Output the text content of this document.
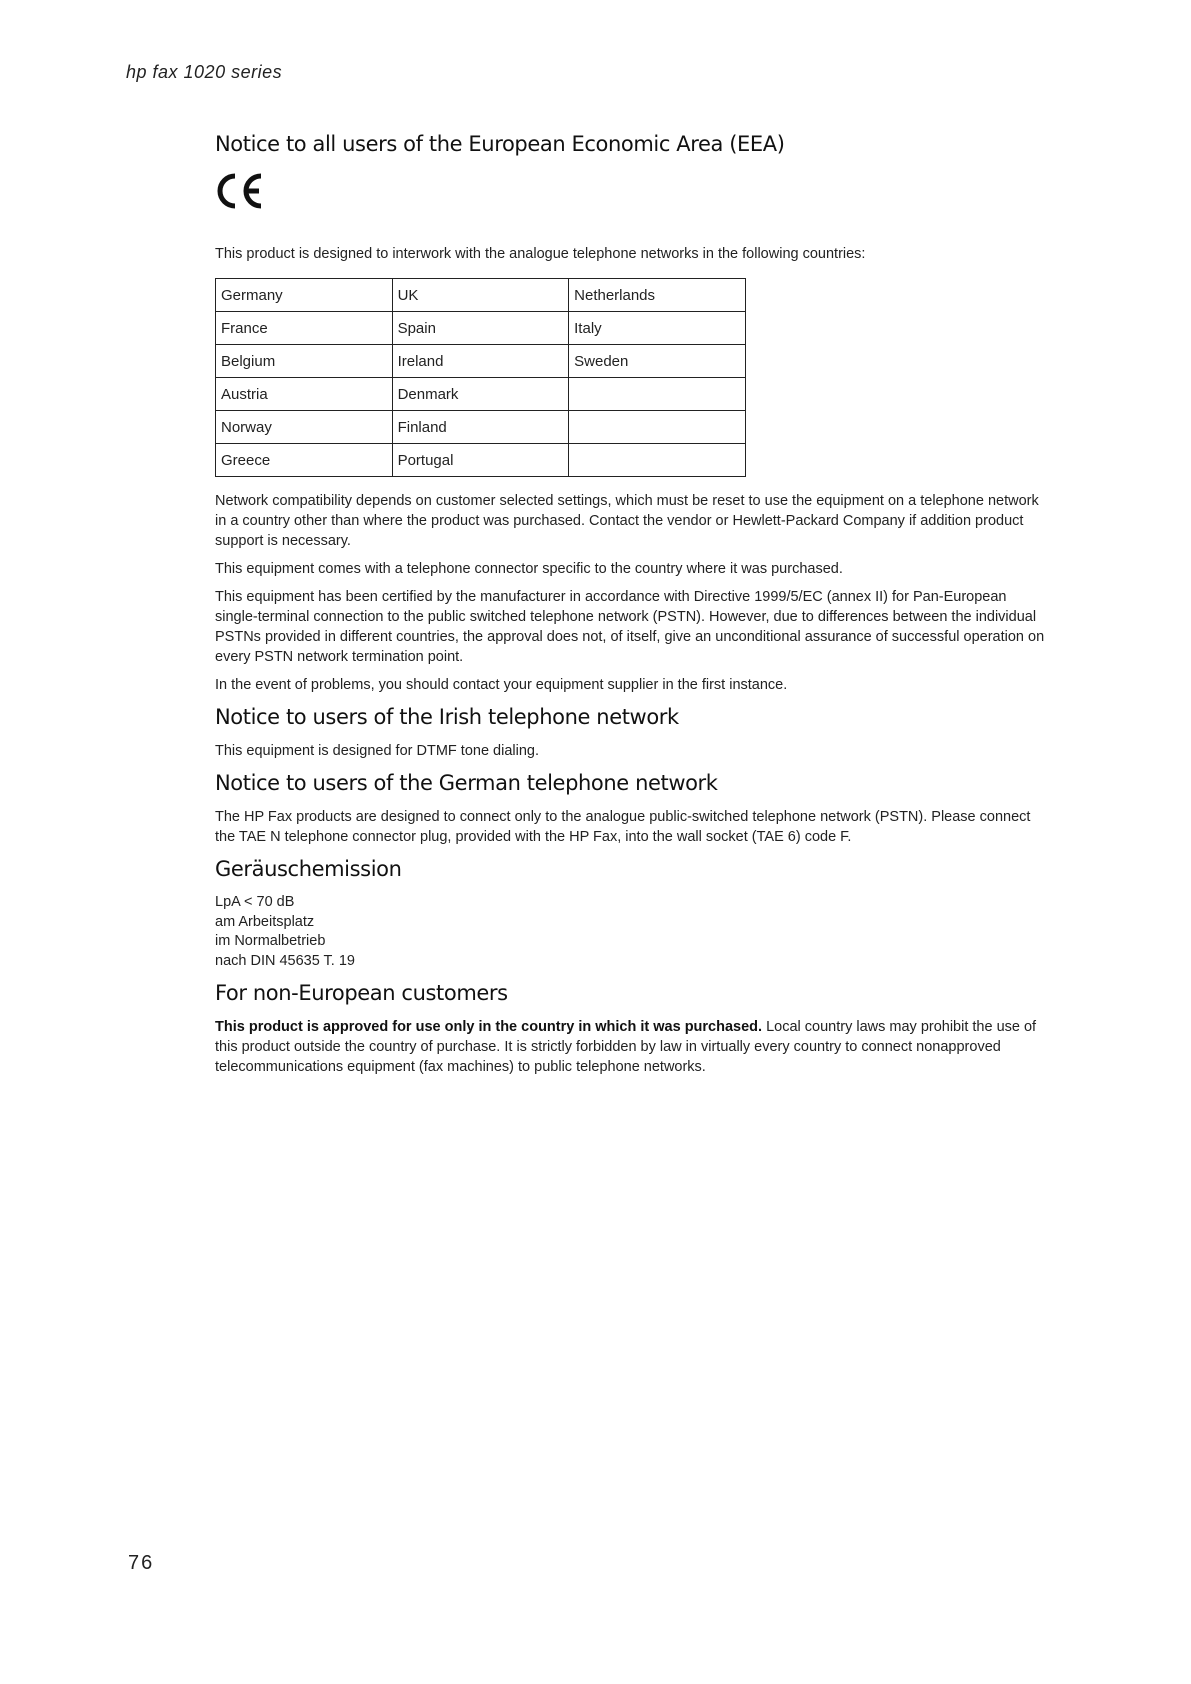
hp fax 1020 series
Notice to all users of the European Economic Area (EEA)

This product is designed to interwork with the analogue telephone networks in the following countries:

Germany	UK	Netherlands
France	Spain	Italy
Belgium	Ireland	Sweden
Austria	Denmark	
Norway	Finland	
Greece	Portugal	

Network compatibility depends on customer selected settings, which must be reset to use the equipment on a telephone network in a country other than where the product was purchased. Contact the vendor or Hewlett-Packard Company if addition product support is necessary.

This equipment comes with a telephone connector specific to the country where it was purchased.

This equipment has been certified by the manufacturer in accordance with Directive 1999/5/EC (annex II) for Pan-European single-terminal connection to the public switched telephone network (PSTN). However, due to differences between the individual PSTNs provided in different countries, the approval does not, of itself, give an unconditional assurance of successful operation on every PSTN network termination point.

In the event of problems, you should contact your equipment supplier in the first instance.

Notice to users of the Irish telephone network

This equipment is designed for DTMF tone dialing.

Notice to users of the German telephone network

The HP Fax products are designed to connect only to the analogue public-switched telephone network (PSTN). Please connect the TAE N telephone connector plug, provided with the HP Fax, into the wall socket (TAE 6) code F.

Geräuschemission
LpA < 70 dB
am Arbeitsplatz
im Normalbetrieb
nach DIN 45635 T. 19
For non-European customers

This product is approved for use only in the country in which it was purchased. Local country laws may prohibit the use of this product outside the country of purchase. It is strictly forbidden by law in virtually every country to connect nonapproved telecommunications equipment (fax machines) to public telephone networks.

76
